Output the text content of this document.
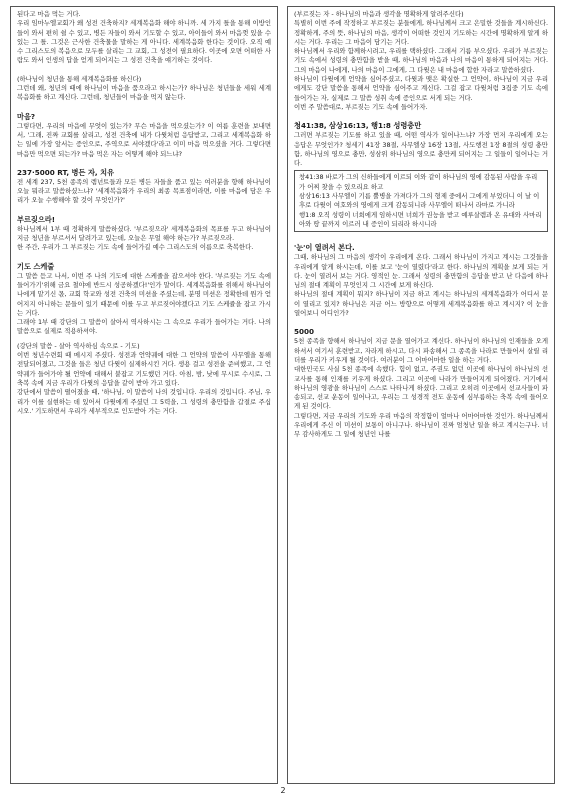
된다고 마음 먹는 거다.

우리 임마누엘교회가 왜 성전 건축하지? 세계복음화 해야 하니까. 세 가지 틀을 통해 이방인들이 와서 편히 쉴 수 있고, 병든 자들이 와서 기도할 수 있고, 아이들이 와서 마음껏 있을 수 있는 그 틀. 그것은 근사한 건축물을 말하는 게 아니다. 세계복음화 한다는 것이다. 오직 예수 그리스도의 복음으로 모두를 살리는 그 교회, 그 성전이 필요하다. 이곳에 오면 어떠한 사람도 와서 인생의 답을 얻게 되어지는 그 성전 건축을 얘기하는 것이다.

(하나님이 청년을 통해 세계복음화를 하신다)

그런데 왜, 청년의 때에 하나님이 마음을 품으라고 하시는가? 하나님은 청년들을 세워 세계복음화를 하고 계신다. 그런데, 청년들이 마음을 먹지 않는다.

마음?

그렇다면, 우리의 마음에 무엇이 있는가? 무슨 마음을 먹으셨는가? 이 여름 훈련을 보내면서, '그래, 진짜 교회를 살리고, 성전 건축에 내가 다윗처럼 응답받고, 그리고 세계복음화 하는 일에 가장 앞서는 증인으로, 주역으로 서야겠다'라고 이미 마음 먹으셨을 거다. 그렇다면 마음만 먹으면 되는가? 마음 먹은 자는 어떻게 해야 되느냐?

237·5000 RT, 병든 자, 치유

전 세계 237, 5천 종족의 렘넌트들과 모든 병든 자들을 품고 있는 여러분을 향해 하나님이 오늘 뭐라고 말씀하셨느냐? '세계복음화가 우리의 최종 목표점이라면, 이를 마음에 담은 우리가 오늘 수행해야 할 것이 무엇인가?'

부르짖으라!

하나님께서 1부 때 정확하게 말씀하셨다. '부르짖으라' 세계복음화의 목표를 두고 하나님이 지금 청년을 부르셔서 달려가고 있는데, 오늘은 무얼 해야 하는가? 부르짖으라.

한 주간, 우리가 그 부르짖는 기도 속에 들어가길 예수 그리스도의 이름으로 축복한다.

기도 스케줄

그 말씀 듣고 나서, 이번 주 나의 기도에 대한 스케줄을 잡으셔야 한다. '부르짖는 기도 속에 들어가기'위해 금요 철야에 반드시 성공하겠다!'인가 말이다. 세계복음화를 위해서 하나님이 나에게 맡기신 몫, 교회 학교와 성전 건축의 미션을 주셨는데, 분명 미션은 정확한데 뭔가 얻어지지 아니하는 문들이 있기 때문에 이를 두고 부르짖어야겠다고 기도 스케쥴을 잡고 가시는 거다.

그래야 1부 때 강단의 그 말씀이 살아서 역사하시는 그 속으로 우리가 들어가는 거다. 나의 말씀으로 실제로 적용하셔야.

(강단의 말씀 - 살아 역사하심 속으로 - 기도)

이번 청년수련회 때 메시지 주셨다. 성전과 언약궤에 대한 그 언약의 말씀이 사무엘을 통해 전달되어졌고, 그것을 들은 청년 다윗이 실제하시킨 거다. 생용 걸고 성전을 준비했고, 그 언약궤가 들어가야 될 언약에 대해서 붙잡고 기도했던 거다. 아침, 밤, 낮에 무시로 수시로, 그 축복 속에 지금 우리가 다윗의 응답을 같이 받아 가고 있다.

강단에서 말씀이 떨어졌을 때, '하나님, 이 말씀이 나의 것입니다. 우리의 것입니다. 주님, 우리가 이를 실현하는 데 있어서 다윗에게 주셨던 그 5력을, 그 성령의 충만함을 갑절로 주십시오.' 기도하면서 우리가 세부적으로 인도받아 가는 거다.

(부르짖는 자 - 하나님의 마음과 생각을 명확하게 알려주신다)

특별히 이번 주에 작정하고 부르짖는 분들에게, 하나님께서 크고 은밀한 것들을 계시하신다. 정확하게, 주의 뜻, 하나님의 마음, 생각이 어떠한 것인지 기도하는 시간에 명확하게 알게 하시는 거다. 우리는 그 마음이 담기는 거다.

하나님께서 우리와 함께하시려고, 우리를 택하셨다. 그래서 기름 부으셨다. 우리가 부르짖는 기도 속에서 성령의 충만함을 받을 때, 하나님의 마음과 나의 마음이 통하게 되어지는 거다. 그의 마음이 나에게, 나의 마음이 그에게, 그 다윗은 내 마음에 합한 자라고 말씀하셨다.

하나님이 다윗에게 언약을 심어주셨고, 다윗과 맺은 확실한 그 언약이, 하나님이 지금 우리에게도 강단 말씀을 통해서 언약을 심어주고 계신다. 그걸 잡고 다윗처럼 3집중 기도 속에 들어가는 자, 실제로 그 말씀 성취 속에 증인으로 서게 되는 거다.

이번 주 말씀대로, 부르짖는 기도 속에 들어가자.

청41:38, 삼상16:13, 행1:8 성령충만

그러면 부르짖는 기도를 하고 있을 때, 어떤 역사가 일어나느냐? 가장 먼저 우리에게 오는 응답은 무엇인가? 청세기 41장 38절, 사무엘상 16장 13절, 사도행전 1장 8절의 성령 충만함, 하나님의 영으로 충만, 성삼위 하나님의 영으로 충만케 되어지는 그 일들이 일어나는 거다.

창41:38 바로가 그의 신하들에게 이르되 이와 같이 하나님의 영에 감동된 사람을 우리가 어찌 찾을 수 있으리요 하고

삼상16:13 사무엘이 기름 뿔병을 가져다가 그의 형제 중에서 그에게 부었더니 이 날 이후로 다윗이 여호와의 영에게 크게 감동되니라 사무엘이 떠나서 라마로 가니라

행1:8 오직 성령이 너희에게 임하시면 너희가 권능을 받고 예루살렘과 온 유대와 사마리아와 땅 끝까지 이르러 내 증인이 되리라 하시니라

'눈'이 열려서 본다.

그때, 하나님의 그 마음의 생각이 우리에게 온다. 그래서 하나님이 가지고 계시는 그것들을 우리에게 알게 하시는데, 이를 보고 '눈이 열렸다'라고 한다. 하나님의 계획을 보게 되는 거다. 눈이 열려서 보는 거다. 영적인 눈. 그래서 성령의 충만함의 응답을 받고 난 다음에 하나님의 절대 계획이 무엇인지 그 시간에 보게 하신다.

하나님의 절대 계획이 뭐지? 하나님이 지금 하고 계시는 하나님의 세계복음화가 어디서 문이 열리고 있지? 하나님은 지금 어느 방향으로 어떻게 세계복음화를 하고 계시지? 이 눈을 열어보니 어디인가?

5000

5천 종족을 향해서 하나님이 지금 문을 열어가고 계신다. 하나님이 하나님의 인재들을 오게 하셔서 여기서 훈련받고, 자라게 하시고, 다시 파송해서 그 종족을 나라로 만들어서 살릴 리더를 우리가 키우게 될 것이다. 여러분이 그 어마어마한 일을 하는 거다.

대한민국도 사실 5천 종족에 속했다. 힘이 없고, 주권도 없던 이곳에 하나님이 하나님의 선교사를 통해 인재를 키우게 하셨다. 그리고 이곳에 나라가 만들어지게 되어졌다. 거기에서 하나님의 영광을 하나님이 스스로 나타나게 하셨다. 그리고 오히려 이곳에서 선교사들이 파송되고, 선교 운동이 일어나고, 우리는 그 성경적 전도 운동에 심부름하는 축복 속에 들어오게 된 것이다.

그렇다면, 지금 우리의 기도와 우리 마음의 작정함이 얼마나 어마어마한 것인가. 하나님께서 우리에게 주신 이 미션이 보통이 아니구나. 하나님이 진짜 엄청난 일을 하고 계시는구나. 너무 감사하게도 그 일에 청년인 나를

2
